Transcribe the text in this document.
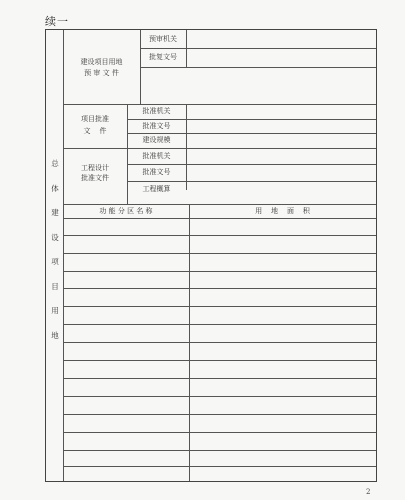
续一
总
体
建
设
项
目
用
地
建设项目用地
预 审 文 件
预审机关
批复文号
项目批准
文    件
批准机关
批准文号
建设规模
工程设计
批准文件
批准机关
批准文号
工程概算
功 能 分 区 名 称	用    地    面    积
2
